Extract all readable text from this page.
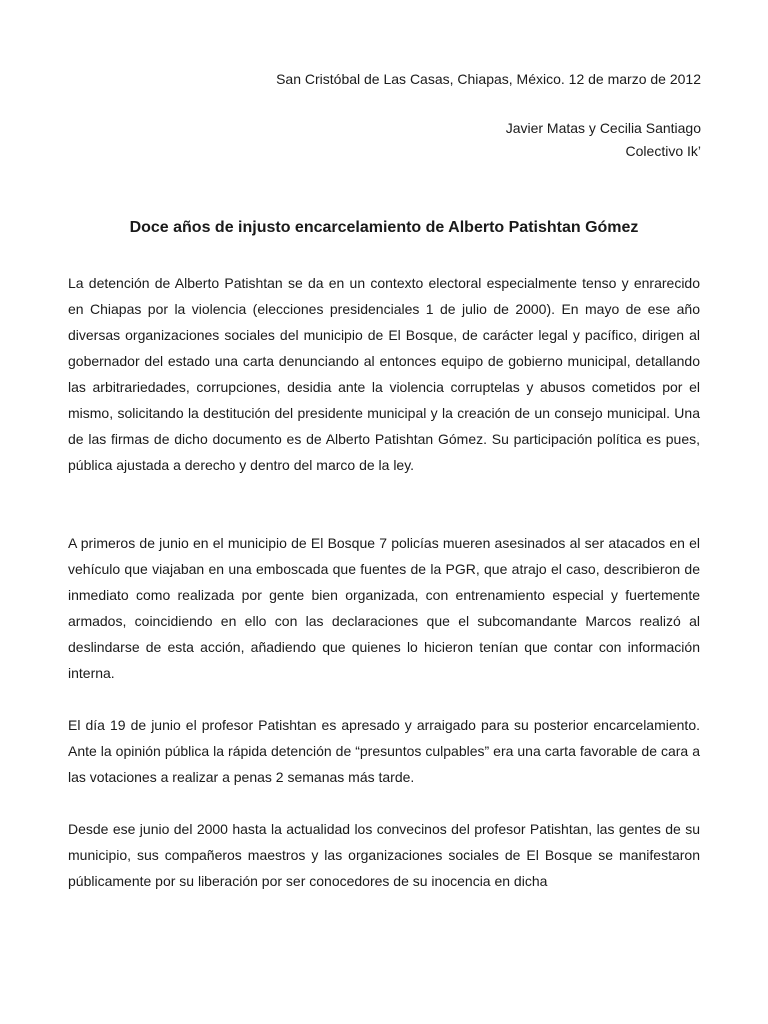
San Cristóbal de Las Casas, Chiapas, México. 12 de marzo de 2012
Javier Matas y Cecilia Santiago
Colectivo Ik’
Doce años de injusto encarcelamiento de Alberto Patishtan Gómez

La detención de Alberto Patishtan se da en un contexto electoral especialmente tenso y enrarecido en Chiapas por la violencia (elecciones presidenciales 1 de julio de 2000). En mayo de ese año diversas organizaciones sociales del municipio de El Bosque, de carácter legal y pacífico, dirigen al gobernador del estado una carta denunciando al entonces equipo de gobierno municipal, detallando las arbitrariedades, corrupciones, desidia ante la violencia corruptelas y abusos cometidos por el mismo, solicitando la destitución del presidente municipal y la creación de un consejo municipal. Una de las firmas de dicho documento es de Alberto Patishtan Gómez. Su participación política es pues, pública ajustada a derecho y dentro del marco de la ley.

A primeros de junio en el municipio de El Bosque 7 policías mueren asesinados al ser atacados en el vehículo que viajaban en una emboscada que fuentes de la PGR, que atrajo el caso, describieron de inmediato como realizada por gente bien organizada, con entrenamiento especial y fuertemente armados, coincidiendo en ello con las declaraciones que el subcomandante Marcos realizó al deslindarse de esta acción, añadiendo que quienes lo hicieron tenían que contar con información interna.

El día 19 de junio el profesor Patishtan es apresado y arraigado para su posterior encarcelamiento. Ante la opinión pública la rápida detención de “presuntos culpables” era una carta favorable de cara a las votaciones a realizar a penas 2 semanas más tarde.

Desde ese junio del 2000 hasta la actualidad los convecinos del profesor Patishtan, las gentes de su municipio, sus compañeros maestros y las organizaciones sociales de El Bosque se manifestaron públicamente por su liberación por ser conocedores de su inocencia en dicha
